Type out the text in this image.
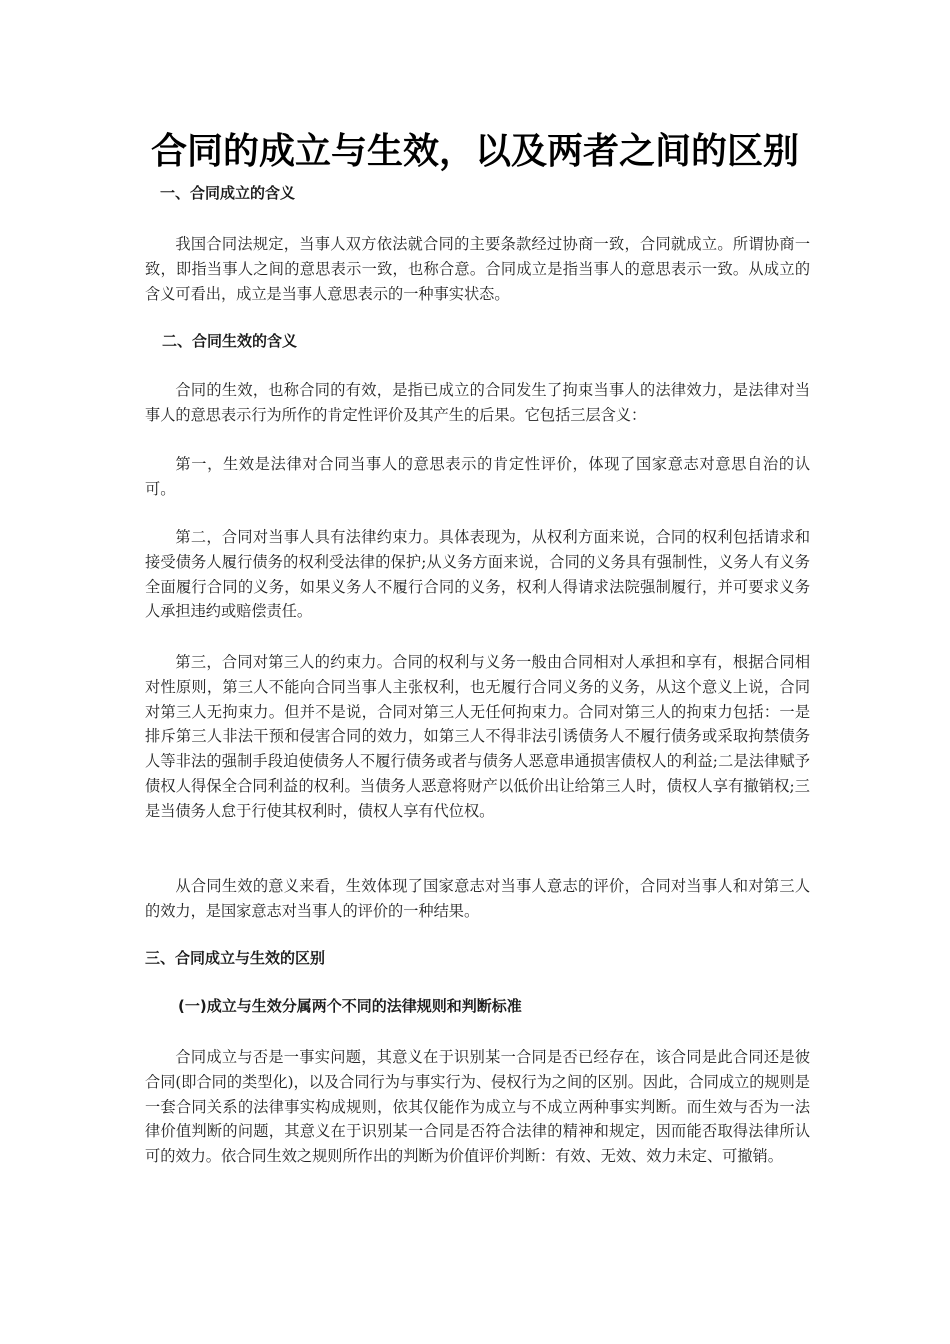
合同的成立与生效，以及两者之间的区别
一、合同成立的含义

我国合同法规定，当事人双方依法就合同的主要条款经过协商一致，合同就成立。所谓协商一致，即指当事人之间的意思表示一致，也称合意。合同成立是指当事人的意思表示一致。从成立的含义可看出，成立是当事人意思表示的一种事实状态。

二、合同生效的含义

合同的生效，也称合同的有效，是指已成立的合同发生了拘束当事人的法律效力，是法律对当事人的意思表示行为所作的肯定性评价及其产生的后果。它包括三层含义：

第一，生效是法律对合同当事人的意思表示的肯定性评价，体现了国家意志对意思自治的认可。

第二，合同对当事人具有法律约束力。具体表现为，从权利方面来说，合同的权利包括请求和接受债务人履行债务的权利受法律的保护;从义务方面来说，合同的义务具有强制性，义务人有义务全面履行合同的义务，如果义务人不履行合同的义务，权利人得请求法院强制履行，并可要求义务人承担违约或赔偿责任。

第三，合同对第三人的约束力。合同的权利与义务一般由合同相对人承担和享有，根据合同相对性原则，第三人不能向合同当事人主张权利，也无履行合同义务的义务，从这个意义上说，合同对第三人无拘束力。但并不是说，合同对第三人无任何拘束力。合同对第三人的拘束力包括：一是排斥第三人非法干预和侵害合同的效力，如第三人不得非法引诱债务人不履行债务或采取拘禁债务人等非法的强制手段迫使债务人不履行债务或者与债务人恶意串通损害债权人的利益;二是法律赋予债权人得保全合同利益的权利。当债务人恶意将财产以低价出让给第三人时，债权人享有撤销权;三是当债务人怠于行使其权利时，债权人享有代位权。

从合同生效的意义来看，生效体现了国家意志对当事人意志的评价，合同对当事人和对第三人的效力，是国家意志对当事人的评价的一种结果。

三、合同成立与生效的区别
(一)成立与生效分属两个不同的法律规则和判断标准

合同成立与否是一事实问题，其意义在于识别某一合同是否已经存在，该合同是此合同还是彼合同(即合同的类型化)，以及合同行为与事实行为、侵权行为之间的区别。因此，合同成立的规则是一套合同关系的法律事实构成规则，依其仅能作为成立与不成立两种事实判断。而生效与否为一法律价值判断的问题，其意义在于识别某一合同是否符合法律的精神和规定，因而能否取得法律所认可的效力。依合同生效之规则所作出的判断为价值评价判断：有效、无效、效力未定、可撤销。
